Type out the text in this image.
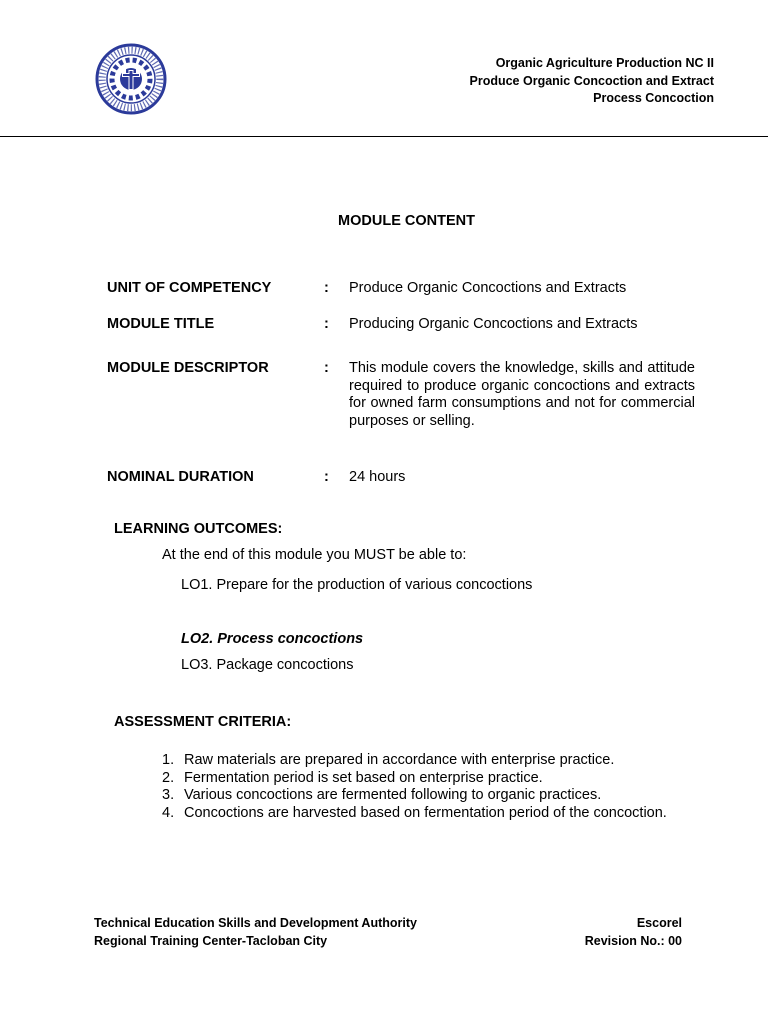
Organic Agriculture Production NC II
Produce Organic Concoction and Extract
Process Concoction
MODULE CONTENT
UNIT OF COMPETENCY	: Produce Organic Concoctions and Extracts
MODULE TITLE	: Producing Organic Concoctions and Extracts
MODULE DESCRIPTOR	: This module covers the knowledge, skills and attitude required to produce organic concoctions and extracts for owned farm consumptions and not for commercial purposes or selling.
NOMINAL DURATION	: 24 hours
LEARNING OUTCOMES:
At the end of this module you MUST be able to:
LO1. Prepare for the production of various concoctions
LO2. Process concoctions
LO3. Package concoctions
ASSESSMENT CRITERIA:
1. Raw materials are prepared in accordance with enterprise practice.
2. Fermentation period is set based on enterprise practice.
3. Various concoctions are fermented following to organic practices.
4. Concoctions are harvested based on fermentation period of the concoction.
Technical Education Skills and Development Authority
Regional Training Center-Tacloban City
Escorel
Revision No.: 00
